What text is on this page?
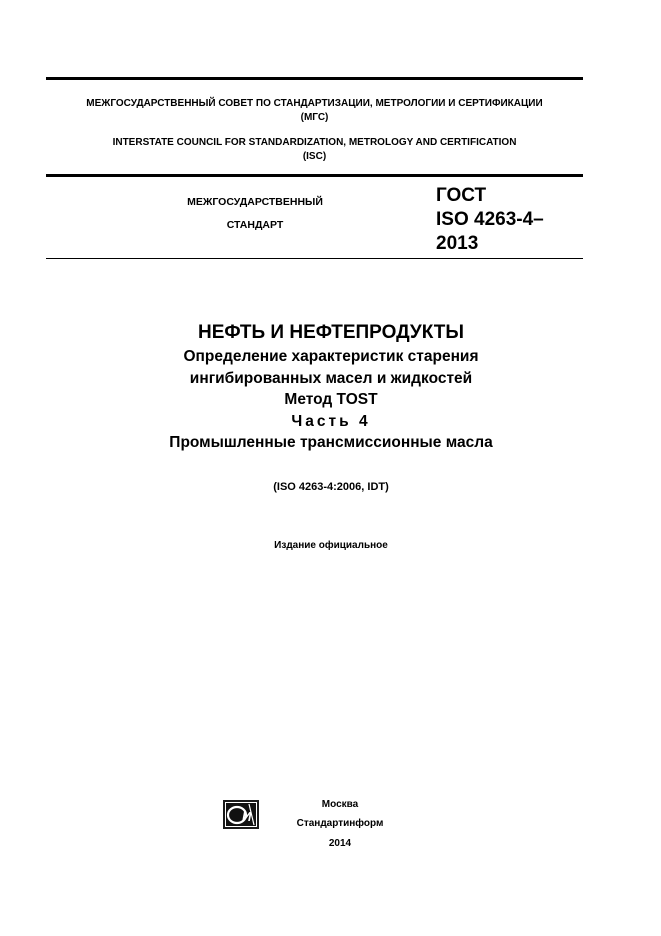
МЕЖГОСУДАРСТВЕННЫЙ СОВЕТ ПО СТАНДАРТИЗАЦИИ, МЕТРОЛОГИИ И СЕРТИФИКАЦИИ
(МГС)
INTERSTATE COUNCIL FOR STANDARDIZATION, METROLOGY AND CERTIFICATION
(ISC)
МЕЖГОСУДАРСТВЕННЫЙ
СТАНДАРТ
ГОСТ
ISO 4263-4–
2013
НЕФТЬ И НЕФТЕПРОДУКТЫ
Определение характеристик старения
ингибированных масел и жидкостей
Метод TOST
Часть 4
Промышленные трансмиссионные масла
(ISO 4263-4:2006, IDT)
Издание официальное
И
Москва
Стандартинформ
2014
